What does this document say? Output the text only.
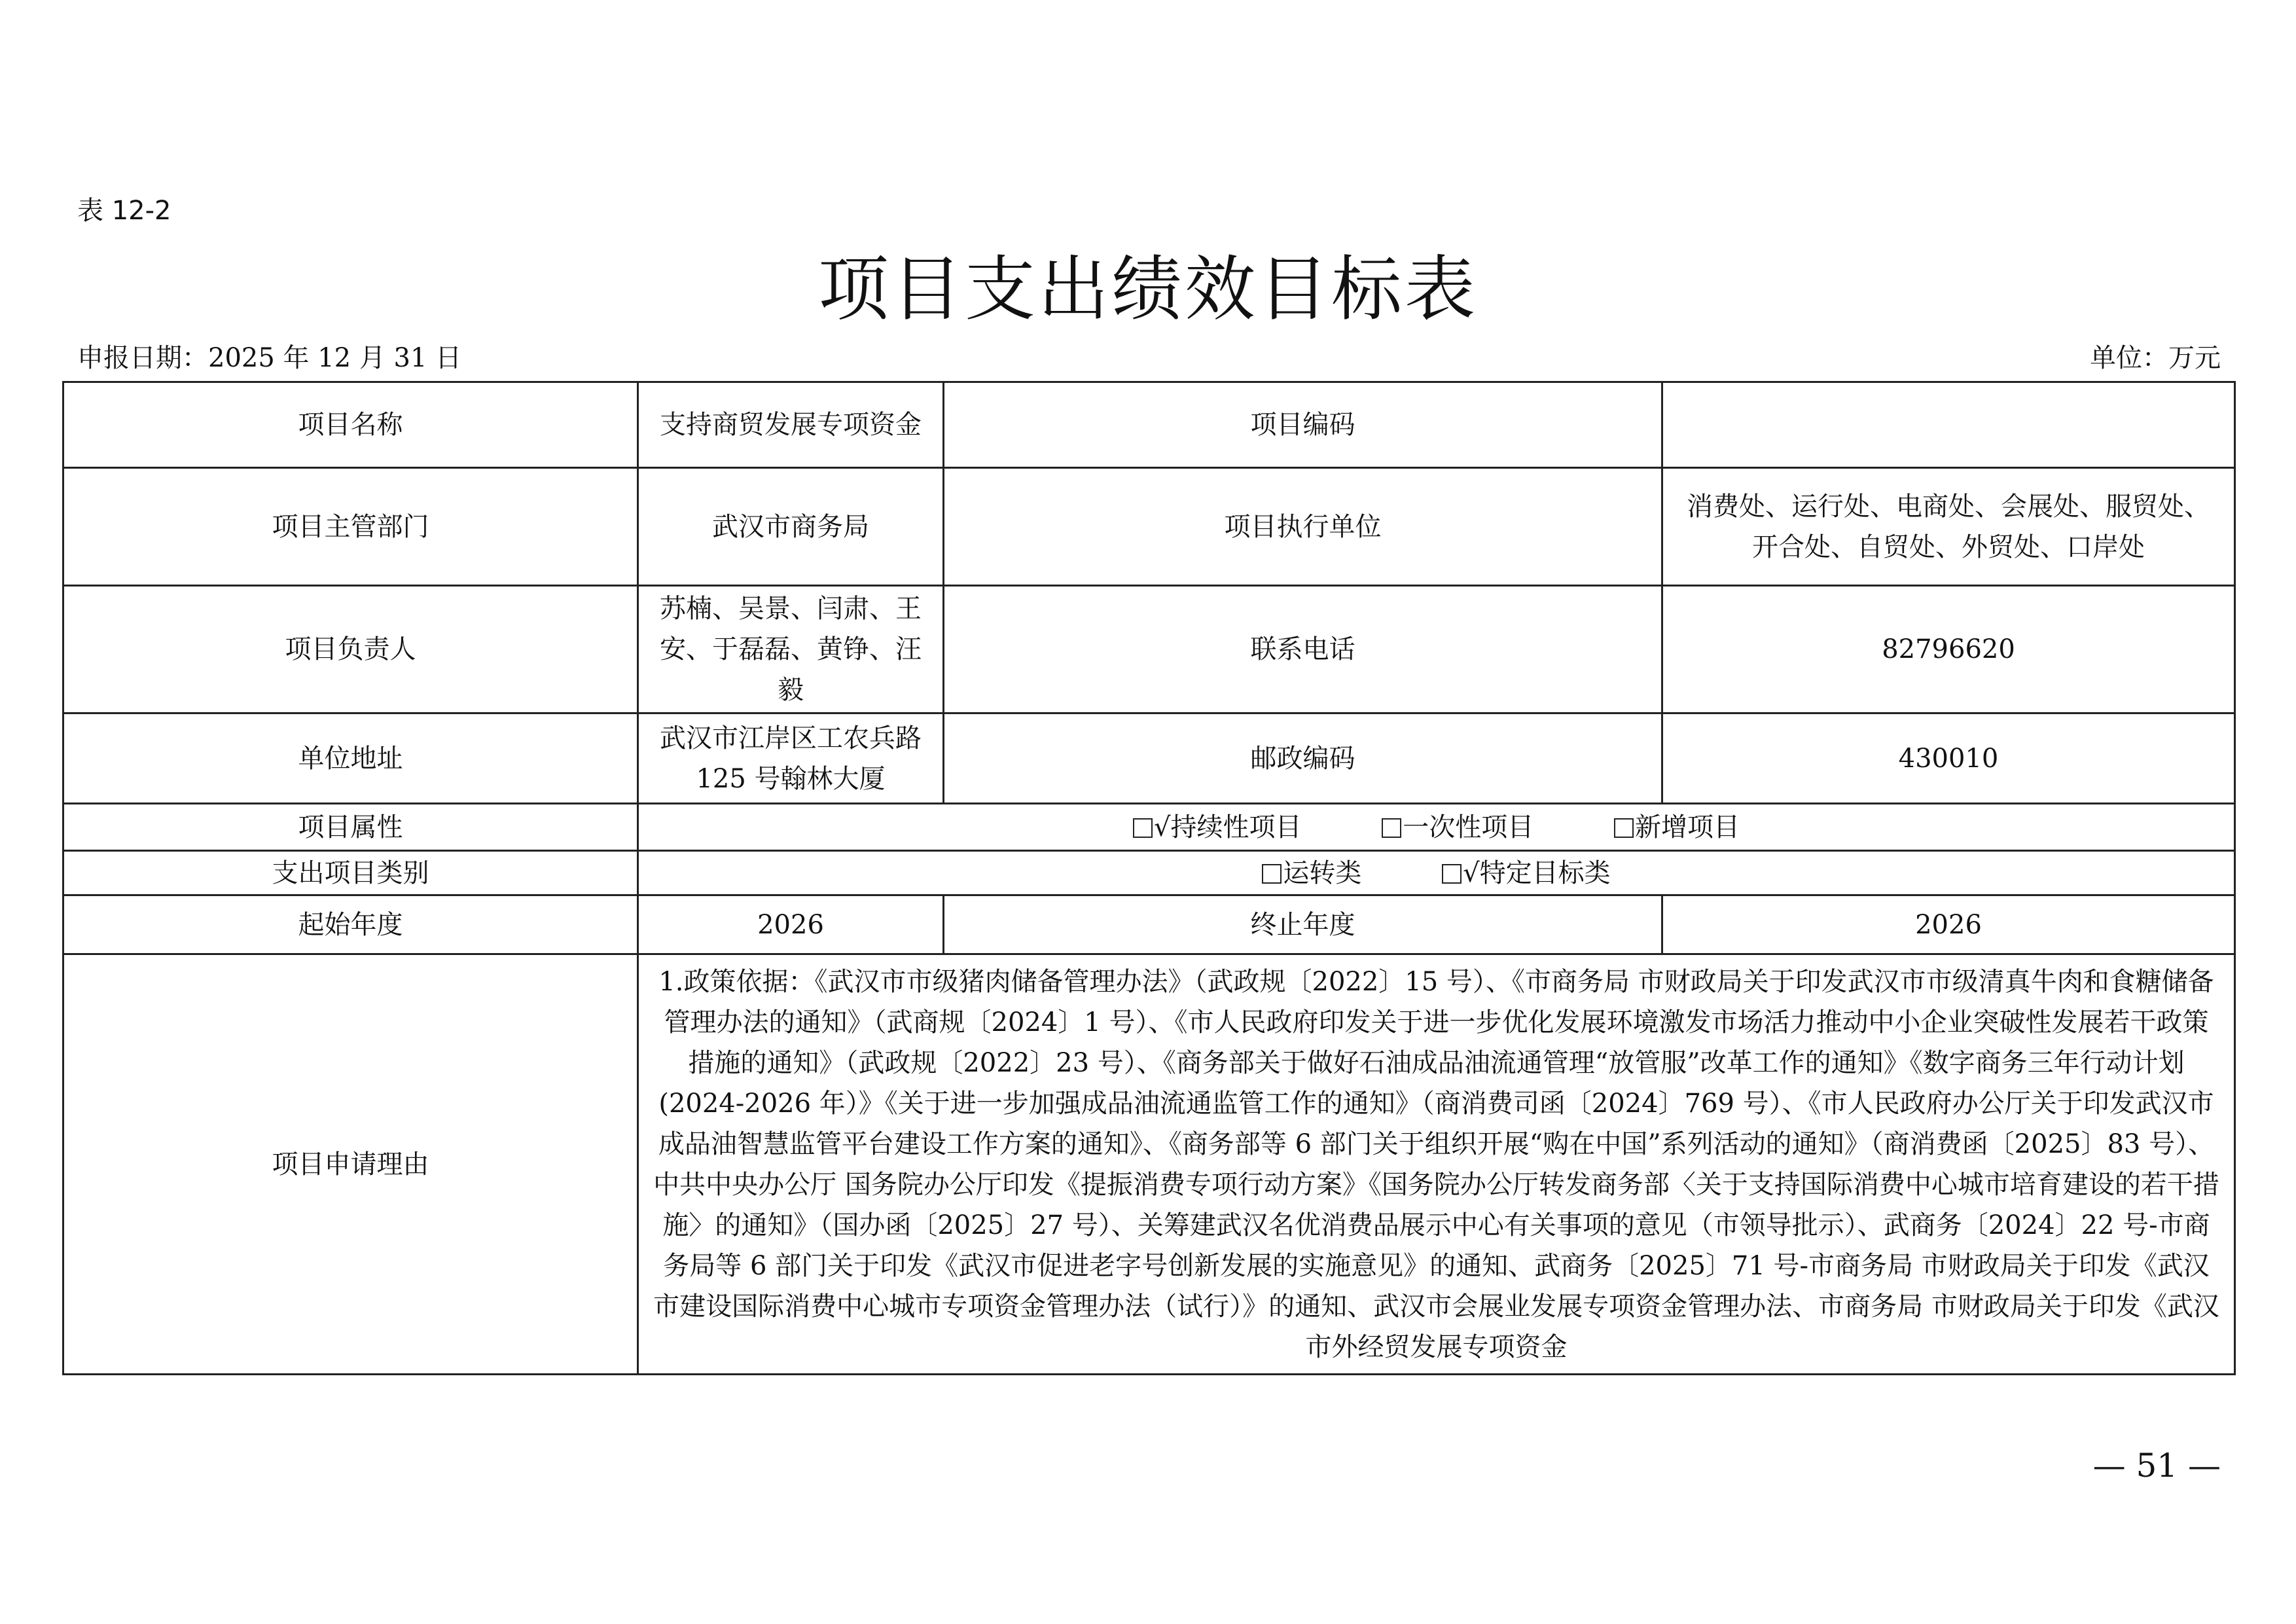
表 12-2
项目支出绩效目标表
申报日期：2025 年 12 月 31 日	单位：万元
项目名称	支持商贸发展专项资金	项目编码	
项目主管部门	武汉市商务局	项目执行单位	消费处、运行处、电商处、会展处、服贸处、开合处、自贸处、外贸处、口岸处
项目负责人	苏楠、吴景、闫肃、王安、于磊磊、黄铮、汪毅	联系电话	82796620
单位地址	武汉市江岸区工农兵路 125 号翰林大厦	邮政编码	430010
项目属性	√持续性项目 一次性项目 新增项目		
支出项目类别	运转类 √特定目标类		
起始年度	2026	终止年度	2026
项目申请理由	1.政策依据：《武汉市市级猪肉储备管理办法》（武政规〔2022〕15 号）、《市商务局 市财政局关于印发武汉市市级清真牛肉和食糖储备管理办法的通知》（武商规〔2024〕1 号）、《市人民政府印发关于进一步优化发展环境激发市场活力推动中小企业突破性发展若干政策措施的通知》（武政规〔2022〕23 号）、《商务部关于做好石油成品油流通管理“放管服”改革工作的通知》《数字商务三年行动计划(2024-2026 年）》《关于进一步加强成品油流通监管工作的通知》（商消费司函〔2024〕769 号）、《市人民政府办公厅关于印发武汉市成品油智慧监管平台建设工作方案的通知》、《商务部等 6 部门关于组织开展“购在中国”系列活动的通知》（商消费函〔2025〕83 号）、中共中央办公厅 国务院办公厅印发《提振消费专项行动方案》《国务院办公厅转发商务部〈关于支持国际消费中心城市培育建设的若干措施〉的通知》（国办函〔2025〕27 号）、关筹建武汉名优消费品展示中心有关事项的意见（市领导批示）、武商务〔2024〕22 号-市商务局等 6 部门关于印发《武汉市促进老字号创新发展的实施意见》的通知、武商务〔2025〕71 号-市商务局 市财政局关于印发《武汉市建设国际消费中心城市专项资金管理办法（试行）》的通知、武汉市会展业发展专项资金管理办法、市商务局 市财政局关于印发《武汉市外经贸发展专项资金		
— 51 —
